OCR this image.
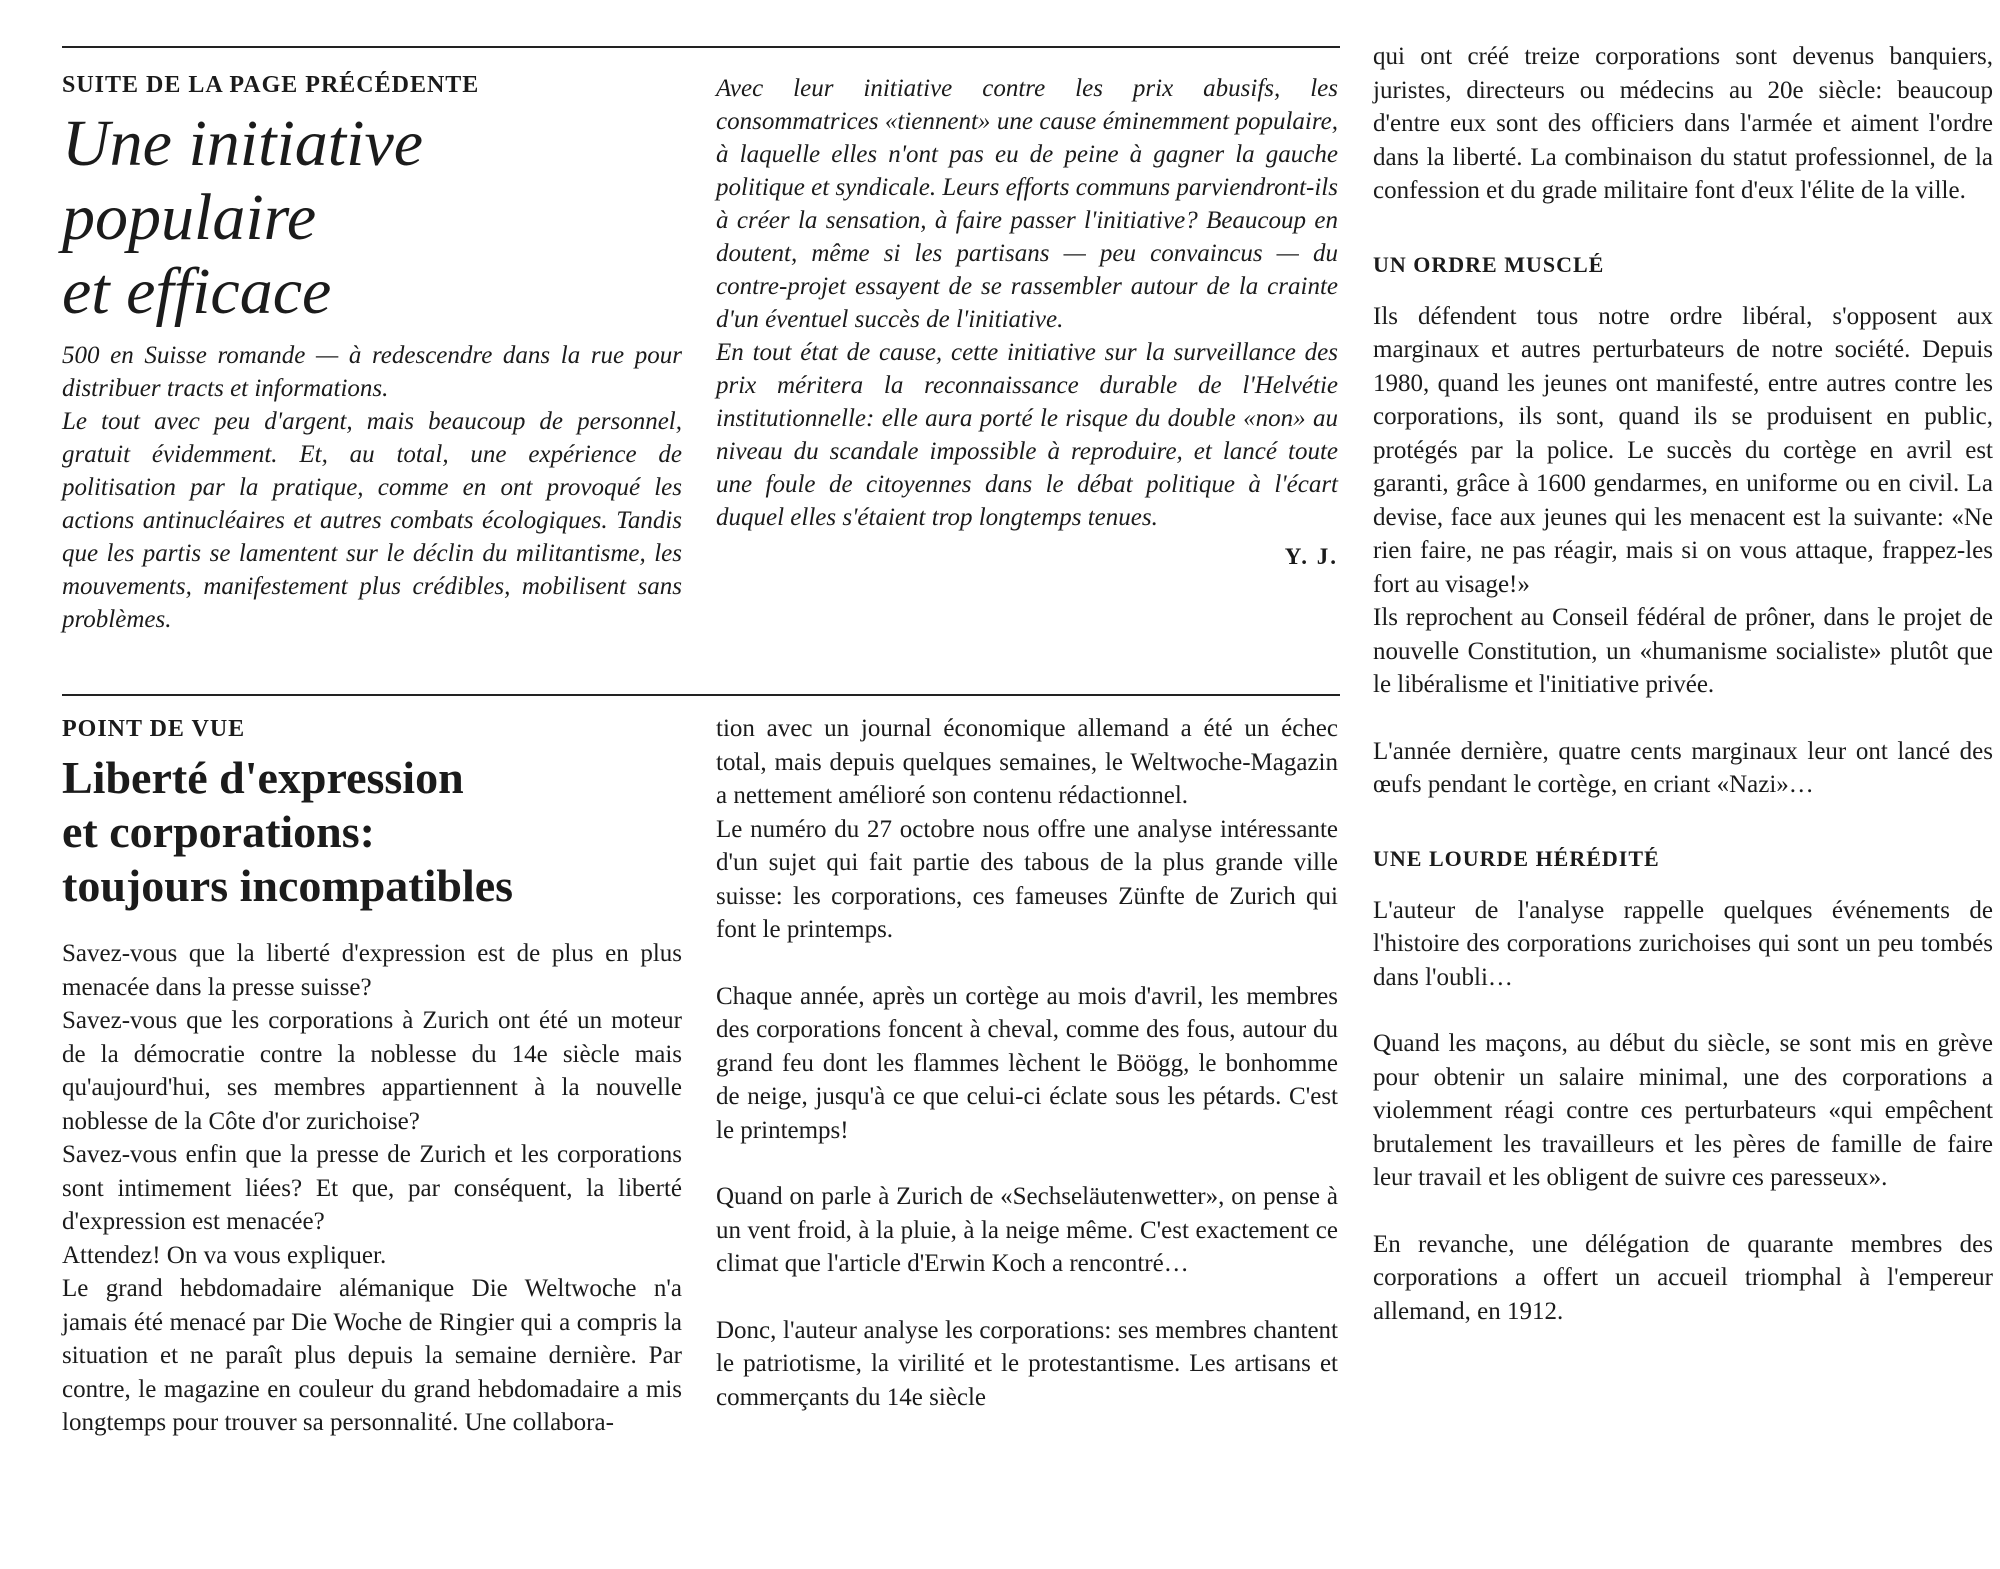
SUITE DE LA PAGE PRÉCÉDENTE
Une initiative
populaire
et efficace

500 en Suisse romande — à redescendre dans la rue pour distribuer tracts et informations.

Le tout avec peu d'argent, mais beaucoup de personnel, gratuit évidemment. Et, au total, une expérience de politisation par la pratique, comme en ont provoqué les actions antinucléaires et autres combats écologiques. Tandis que les partis se lamentent sur le déclin du militantisme, les mouvements, manifestement plus crédibles, mobilisent sans problèmes.

Avec leur initiative contre les prix abusifs, les consommatrices «tiennent» une cause éminemment populaire, à laquelle elles n'ont pas eu de peine à gagner la gauche politique et syndicale. Leurs efforts communs parviendront-ils à créer la sensation, à faire passer l'initiative? Beaucoup en doutent, même si les partisans — peu convaincus — du contre-projet essayent de se rassembler autour de la crainte d'un éventuel succès de l'initiative.

En tout état de cause, cette initiative sur la surveillance des prix méritera la reconnaissance durable de l'Helvétie institutionnelle: elle aura porté le risque du double «non» au niveau du scandale impossible à reproduire, et lancé toute une foule de citoyennes dans le débat politique à l'écart duquel elles s'étaient trop longtemps tenues.

Y. J.
POINT DE VUE
Liberté d'expression
et corporations:
toujours incompatibles

Savez-vous que la liberté d'expression est de plus en plus menacée dans la presse suisse?

Savez-vous que les corporations à Zurich ont été un moteur de la démocratie contre la noblesse du 14e siècle mais qu'aujourd'hui, ses membres appartiennent à la nouvelle noblesse de la Côte d'or zurichoise?

Savez-vous enfin que la presse de Zurich et les corporations sont intimement liées? Et que, par conséquent, la liberté d'expression est menacée?

Attendez! On va vous expliquer.

Le grand hebdomadaire alémanique Die Weltwoche n'a jamais été menacé par Die Woche de Ringier qui a compris la situation et ne paraît plus depuis la semaine dernière. Par contre, le magazine en couleur du grand hebdomadaire a mis longtemps pour trouver sa personnalité. Une collabora-

tion avec un journal économique allemand a été un échec total, mais depuis quelques semaines, le Weltwoche-Magazin a nettement amélioré son contenu rédactionnel.

Le numéro du 27 octobre nous offre une analyse intéressante d'un sujet qui fait partie des tabous de la plus grande ville suisse: les corporations, ces fameuses Zünfte de Zurich qui font le printemps.

Chaque année, après un cortège au mois d'avril, les membres des corporations foncent à cheval, comme des fous, autour du grand feu dont les flammes lèchent le Böögg, le bonhomme de neige, jusqu'à ce que celui-ci éclate sous les pétards. C'est le printemps!

Quand on parle à Zurich de «Sechseläutenwetter», on pense à un vent froid, à la pluie, à la neige même. C'est exactement ce climat que l'article d'Erwin Koch a rencontré…

Donc, l'auteur analyse les corporations: ses membres chantent le patriotisme, la virilité et le protestantisme. Les artisans et commerçants du 14e siècle

qui ont créé treize corporations sont devenus banquiers, juristes, directeurs ou médecins au 20e siècle: beaucoup d'entre eux sont des officiers dans l'armée et aiment l'ordre dans la liberté. La combinaison du statut professionnel, de la confession et du grade militaire font d'eux l'élite de la ville.

UN ORDRE MUSCLÉ

Ils défendent tous notre ordre libéral, s'opposent aux marginaux et autres perturbateurs de notre société. Depuis 1980, quand les jeunes ont manifesté, entre autres contre les corporations, ils sont, quand ils se produisent en public, protégés par la police. Le succès du cortège en avril est garanti, grâce à 1600 gendarmes, en uniforme ou en civil. La devise, face aux jeunes qui les menacent est la suivante: «Ne rien faire, ne pas réagir, mais si on vous attaque, frappez-les fort au visage!»

Ils reprochent au Conseil fédéral de prôner, dans le projet de nouvelle Constitution, un «humanisme socialiste» plutôt que le libéralisme et l'initiative privée.

L'année dernière, quatre cents marginaux leur ont lancé des œufs pendant le cortège, en criant «Nazi»…

UNE LOURDE HÉRÉDITÉ

L'auteur de l'analyse rappelle quelques événements de l'histoire des corporations zurichoises qui sont un peu tombés dans l'oubli…

Quand les maçons, au début du siècle, se sont mis en grève pour obtenir un salaire minimal, une des corporations a violemment réagi contre ces perturbateurs «qui empêchent brutalement les travailleurs et les pères de famille de faire leur travail et les obligent de suivre ces paresseux».

En revanche, une délégation de quarante membres des corporations a offert un accueil triomphal à l'empereur allemand, en 1912.
